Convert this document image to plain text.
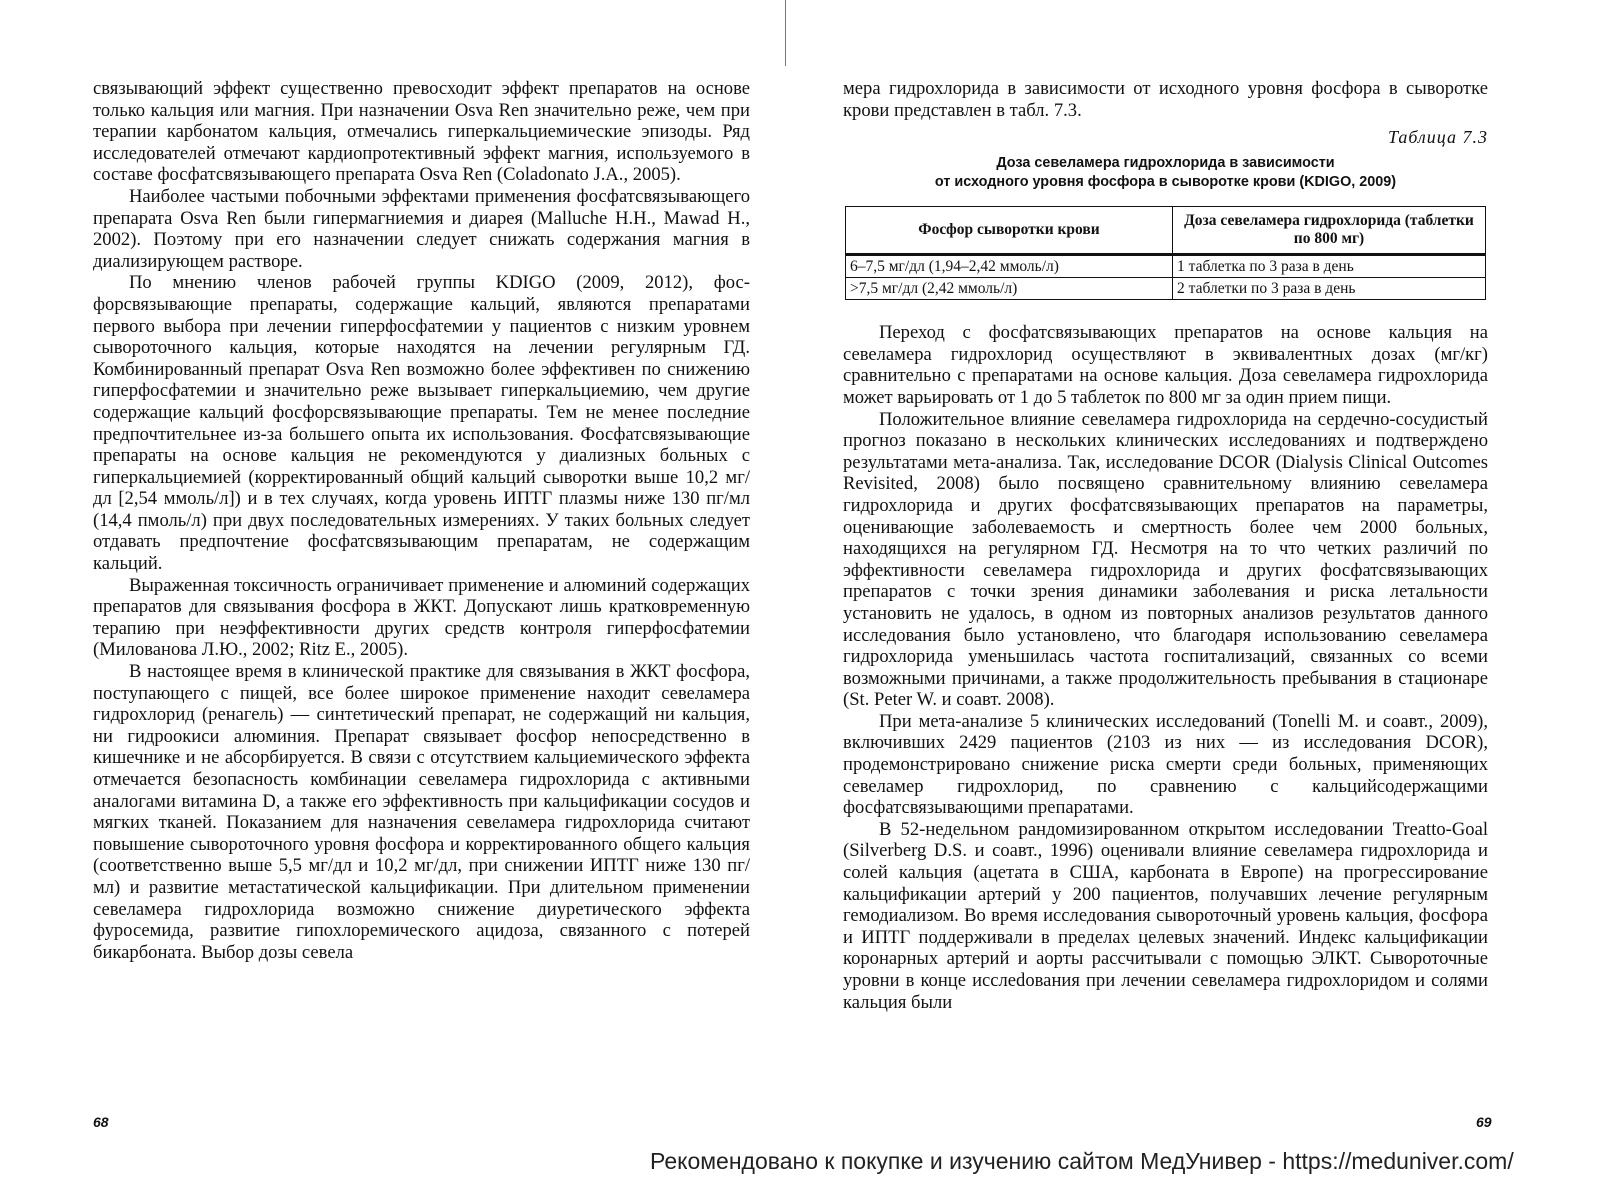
связывающий эффект существенно превосходит эффект препаратов на основе только кальция или магния. При назначении Osva Ren значительно реже, чем при терапии карбонатом кальция, отмечались гиперкальциемические эпизоды. Ряд исследователей отмечают кардиопротективный эффект магния, используемого в составе фосфатсвязывающего препарата Osva Ren (Coladonato J.A., 2005).

Наиболее частыми побочными эффектами применения фосфатсвязывающего препарата Osva Ren были гипермагниемия и диарея (Malluche H.H., Mawad H., 2002). Поэтому при его назначении следует снижать содержания магния в диализирующем растворе.

По мнению членов рабочей группы KDIGO (2009, 2012), фосфорсвязывающие препараты, содержащие кальций, являются препаратами первого выбора при лечении гиперфосфатемии у пациентов с низким уровнем сывороточного кальция, которые находятся на лечении регулярным ГД. Комбинированный препарат Osva Ren возможно более эффективен по снижению гиперфосфатемии и значительно реже вызывает гиперкальциемию, чем другие содержащие кальций фосфорсвязывающие препараты. Тем не менее последние предпочтительнее из-за большего опыта их использования. Фосфатсвязывающие препараты на основе кальция не рекомендуются у диализных больных с гиперкальциемией (корректированный общий кальций сыворотки выше 10,2 мг/дл [2,54 ммоль/л]) и в тех случаях, когда уровень ИПТГ плазмы ниже 130 пг/мл (14,4 пмоль/л) при двух последовательных измерениях. У таких больных следует отдавать предпочтение фосфатсвязывающим препаратам, не содержащим кальций.

Выраженная токсичность ограничивает применение и алюминий содержащих препаратов для связывания фосфора в ЖКТ. Допускают лишь кратковременную терапию при неэффективности других средств контроля гиперфосфатемии (Милованова Л.Ю., 2002; Ritz E., 2005).

В настоящее время в клинической практике для связывания в ЖКТ фосфора, поступающего с пищей, все более широкое применение находит севеламера гидрохлорид (ренагель) — синтетический препарат, не содержащий ни кальция, ни гидроокиси алюминия. Препарат связывает фосфор непосредственно в кишечнике и не абсорбируется. В связи с отсутствием кальциемического эффекта отмечается безопасность комбинации севеламера гидрохлорида с активными аналогами витамина D, а также его эффективность при кальцификации сосудов и мягких тканей. Показанием для назначения севеламера гидрохлорида считают повышение сывороточного уровня фосфора и корректированного общего кальция (соответственно выше 5,5 мг/дл и 10,2 мг/дл, при снижении ИПТГ ниже 130 пг/мл) и развитие метастатической кальцификации. При длительном применении севеламера гидрохлорида возможно снижение диуретического эффекта фуросемида, развитие гипохлоремического ацидоза, связанного с потерей бикарбоната. Выбор дозы севела

мера гидрохлорида в зависимости от исходного уровня фосфора в сыворотке крови представлен в табл. 7.3.

Таблица 7.3
Доза севеламера гидрохлорида в зависимости
от исходного уровня фосфора в сыворотке крови (KDIGO, 2009)
Фосфор сыворотки крови	Доза севеламера гидрохлорида (таблетки по 800 мг)
6–7,5 мг/дл (1,94–2,42 ммоль/л)	1 таблетка по 3 раза в день
>7,5 мг/дл (2,42 ммоль/л)	2 таблетки по 3 раза в день

Переход с фосфатсвязывающих препаратов на основе кальция на севеламера гидрохлорид осуществляют в эквивалентных дозах (мг/кг) сравнительно с препаратами на основе кальция. Доза севеламера гидрохлорида может варьировать от 1 до 5 таблеток по 800 мг за один прием пищи.

Положительное влияние севеламера гидрохлорида на сердечно-сосудистый прогноз показано в нескольких клинических исследованиях и подтверждено результатами мета-анализа. Так, исследование DCOR (Dialysis Clinical Outcomes Revisited, 2008) было посвящено сравнительному влиянию севеламера гидрохлорида и других фосфатсвязывающих препаратов на параметры, оценивающие заболеваемость и смертность более чем 2000 больных, находящихся на регулярном ГД. Несмотря на то что четких различий по эффективности севеламера гидрохлорида и других фосфатсвязывающих препаратов с точки зрения динамики заболевания и риска летальности установить не удалось, в одном из повторных анализов результатов данного исследования было установлено, что благодаря использованию севеламера гидрохлорида уменьшилась частота госпитализаций, связанных со всеми возможными причинами, а также продолжительность пребывания в стационаре (St. Peter W. и соавт. 2008).

При мета-анализе 5 клинических исследований (Tonelli M. и соавт., 2009), включивших 2429 пациентов (2103 из них — из исследования DCOR), продемонстрировано снижение риска смерти среди больных, применяющих севеламер гидрохлорид, по сравнению с кальцийсодержащими фосфатсвязывающими препаратами.

В 52-недельном рандомизированном открытом исследовании Treatto-Goal (Silverberg D.S. и соавт., 1996) оценивали влияние севеламера гидрохлорида и солей кальция (ацетата в США, карбоната в Европе) на прогрессирование кальцификации артерий у 200 пациентов, получавших лечение регулярным гемодиализом. Во время исследования сывороточный уровень кальция, фосфора и ИПТГ поддерживали в пределах целевых значений. Индекс кальцификации коронарных артерий и аорты рассчитывали с помощью ЭЛКТ. Сывороточные уровни в конце исслеdования при лечении севеламера гидрохлоридом и солями кальция были

68	69
Рекомендовано к покупке и изучению сайтом МедУнивер - https://meduniver.com/
